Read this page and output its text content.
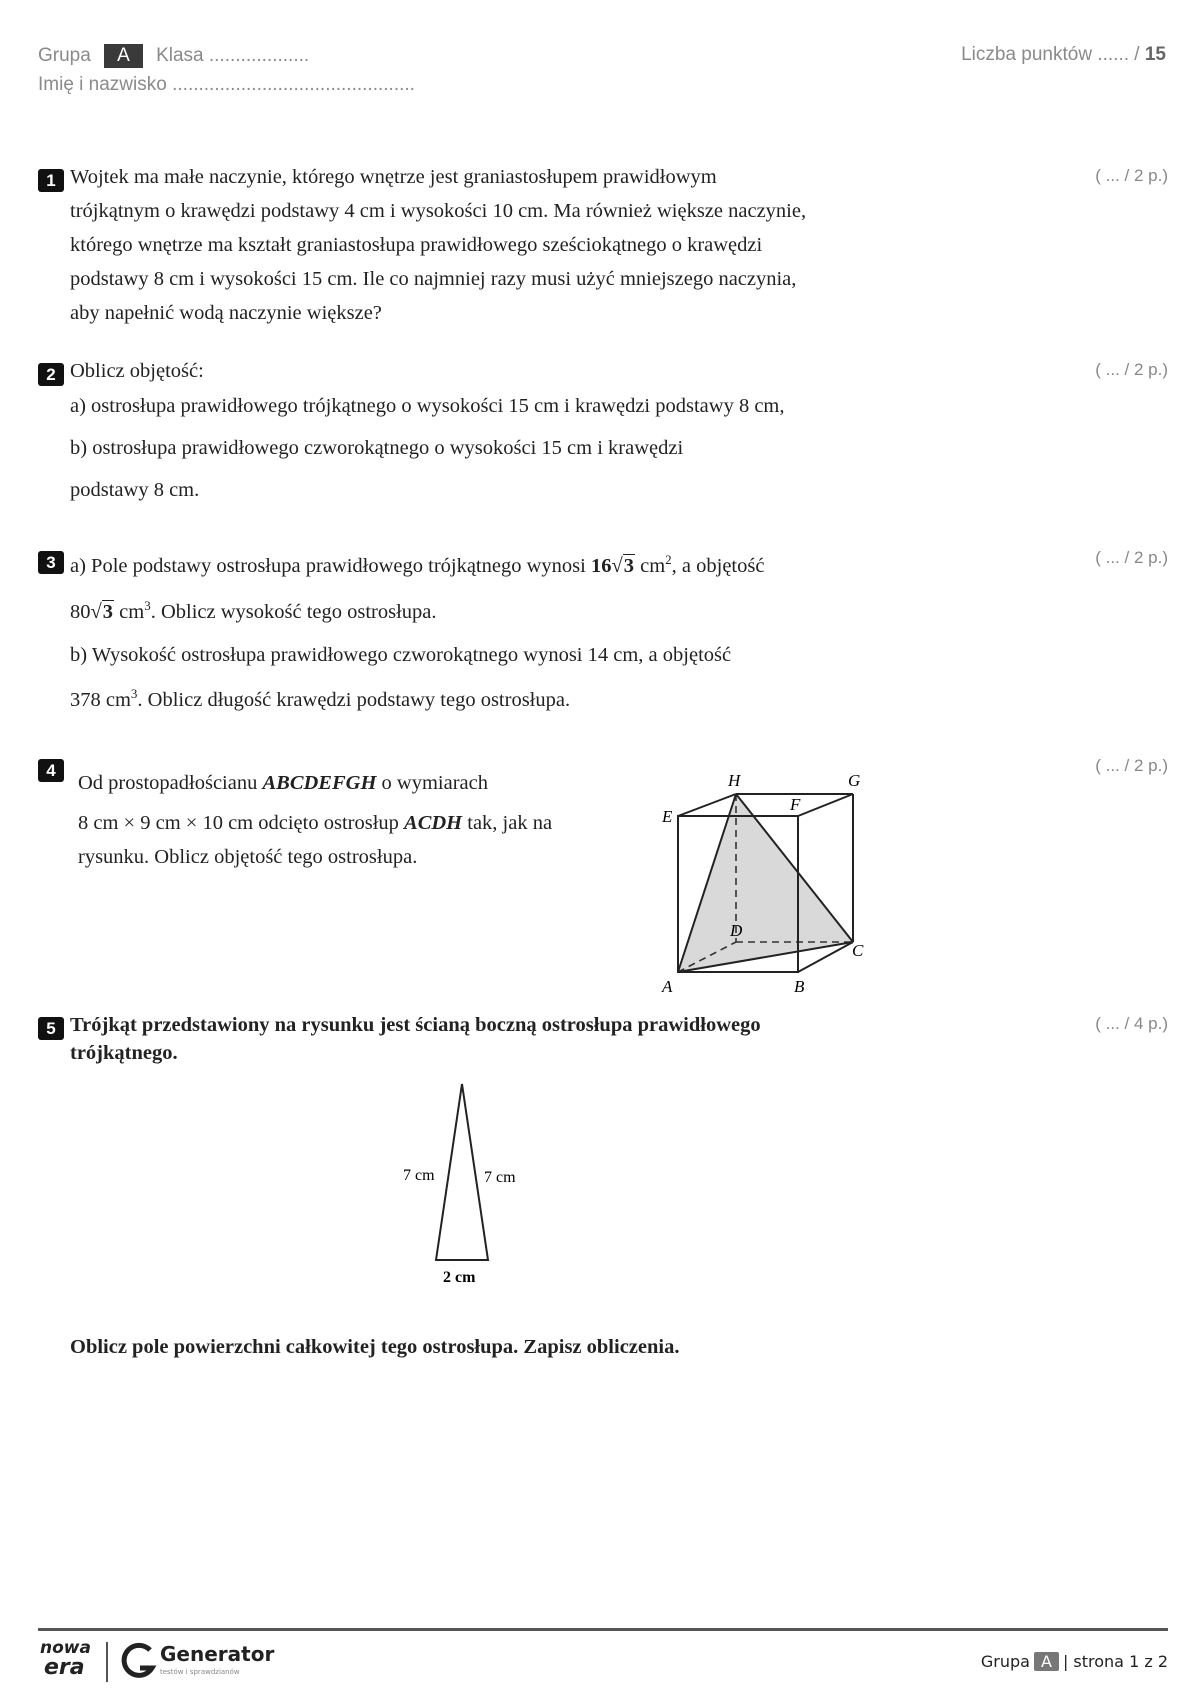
Grupa A Klasa ...................
Imię i nazwisko ..............................................
Liczba punktów ...... / 15
1	( ... / 2 p.)
Wojtek ma małe naczynie, którego wnętrze jest graniastosłupem prawidłowym
trójkątnym o krawędzi podstawy 4 cm i wysokości 10 cm. Ma również większe naczynie,
którego wnętrze ma kształt graniastosłupa prawidłowego sześciokątnego o krawędzi
podstawy 8 cm i wysokości 15 cm. Ile co najmniej razy musi użyć mniejszego naczynia,
aby napełnić wodą naczynie większe?
2	( ... / 2 p.)
Oblicz objętość:
a) ostrosłupa prawidłowego trójkątnego o wysokości 15 cm i krawędzi podstawy 8 cm,
b) ostrosłupa prawidłowego czworokątnego o wysokości 15 cm i krawędzi
podstawy 8 cm.
3	( ... / 2 p.)
a) Pole podstawy ostrosłupa prawidłowego trójkątnego wynosi 16√3 $cm^2$, a objętość
80√3 $cm^3$. Oblicz wysokość tego ostrosłupa.
b) Wysokość ostrosłupa prawidłowego czworokątnego wynosi 14 cm, a objętość
378 $cm^3$. Oblicz długość krawędzi podstawy tego ostrosłupa.
4	( ... / 2 p.)
Od prostopadłościanu ABCDEFGH o wymiarach
8 cm × 9 cm × 10 cm odcięto ostrosłup ACDH tak, jak na
rysunku. Oblicz objętość tego ostrosłupa.
H	G
E
F
D
C
A	B
5	( ... / 4 p.)
Trójkąt przedstawiony na rysunku jest ścianą boczną ostrosłupa prawidłowego
trójkątnego.
7 cm	7 cm
2 cm
Oblicz pole powierzchni całkowitej tego ostrosłupa. Zapisz obliczenia.
nowa
era
Generator
testów i sprawdzianów
Grupa A | strona 1 z 2
